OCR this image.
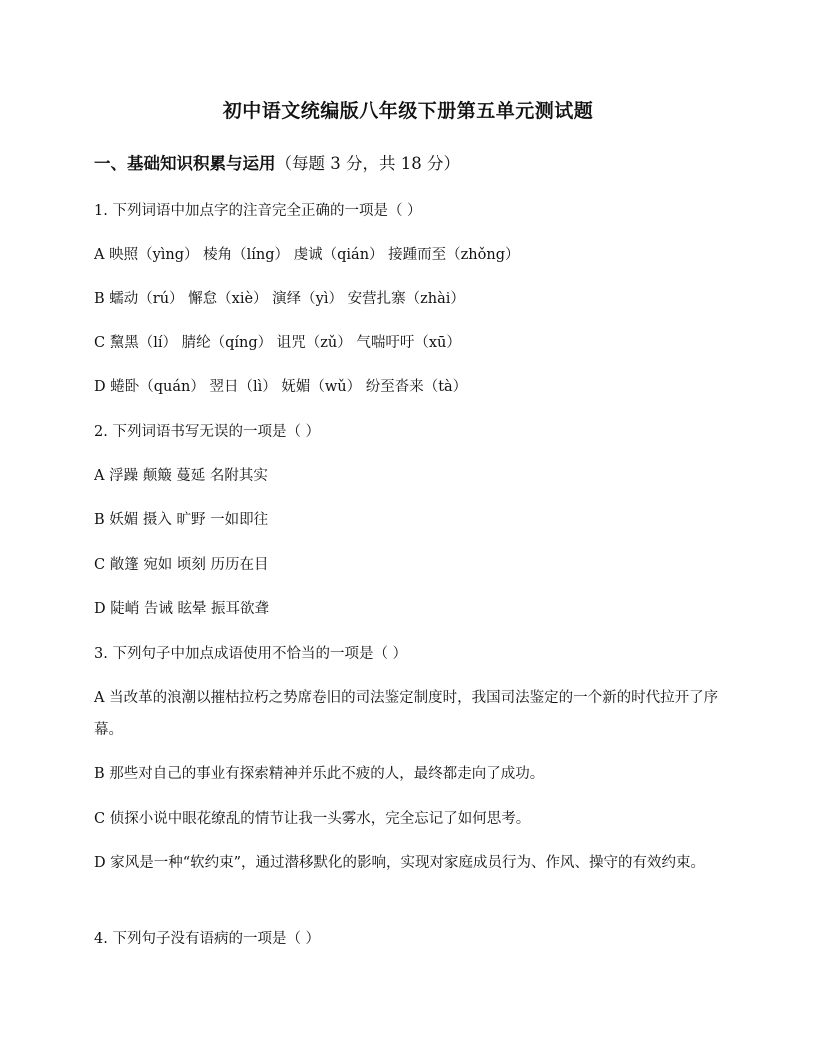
初中语文统编版八年级下册第五单元测试题
一、基础知识积累与运用（每题 3 分，共 18 分）
1. 下列词语中加点字的注音完全正确的一项是（ ）
A 映照（yìng） 棱角（líng） 虔诚（qián） 接踵而至（zhǒng）
B 蠕动（rú） 懈怠（xiè） 演绎（yì） 安营扎寨（zhài）
C 黧黑（lí） 腈纶（qíng） 诅咒（zǔ） 气喘吁吁（xū）
D 蜷卧（quán） 翌日（lì） 妩媚（wǔ） 纷至沓来（tà）
2. 下列词语书写无误的一项是（ ）
A 浮躁 颠簸 蔓延 名附其实
B 妖媚 摄入 旷野 一如即往
C 敞篷 宛如 顷刻 历历在目
D 陡峭 告诫 眩晕 振耳欲聋
3. 下列句子中加点成语使用不恰当的一项是（ ）
A 当改革的浪潮以摧枯拉朽之势席卷旧的司法鉴定制度时，我国司法鉴定的一个新的时代拉开了序幕。
B 那些对自己的事业有探索精神并乐此不疲的人，最终都走向了成功。
C 侦探小说中眼花缭乱的情节让我一头雾水，完全忘记了如何思考。
D 家风是一种“软约束”，通过潜移默化的影响，实现对家庭成员行为、作风、操守的有效约束。
4. 下列句子没有语病的一项是（ ）
